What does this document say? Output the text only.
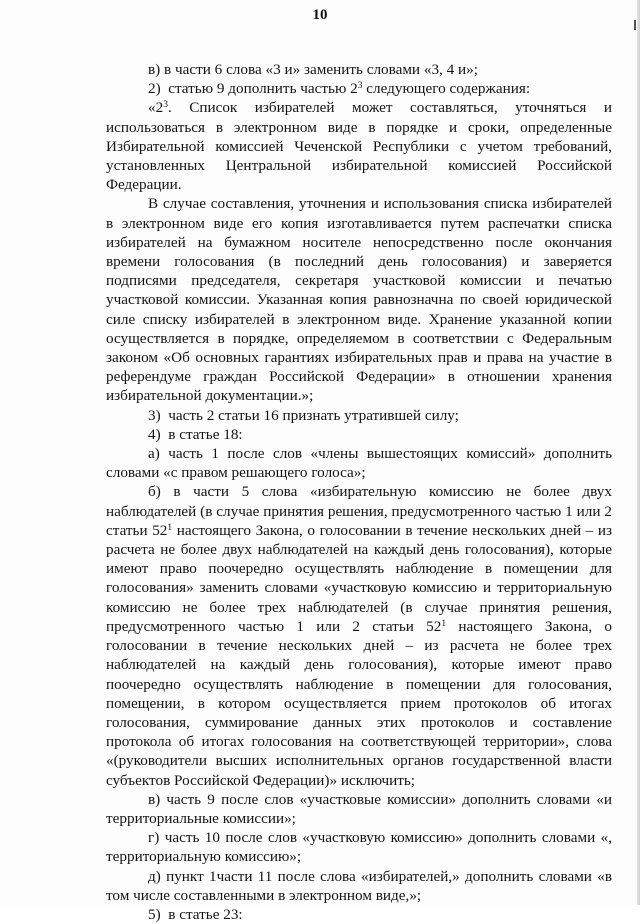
10

в) в части 6 слова «3 и» заменить словами «3, 4 и»;

2)  статью 9 дополнить частью $2^3$ следующего содержания:

«$2^3$. Список избирателей может составляться, уточняться и использоваться в электронном виде в порядке и сроки, определенные Избирательной комиссией Чеченской Республики с учетом требований, установленных Центральной избирательной комиссией Российской Федерации.

В случае составления, уточнения и использования списка избирателей в электронном виде его копия изготавливается путем распечатки списка избирателей на бумажном носителе непосредственно после окончания времени голосования (в последний день голосования) и заверяется подписями председателя, секретаря участковой комиссии и печатью участковой комиссии. Указанная копия равнозначна по своей юридической силе списку избирателей в электронном виде. Хранение указанной копии осуществляется в порядке, определяемом в соответствии с Федеральным законом «Об основных гарантиях избирательных прав и права на участие в референдуме граждан Российской Федерации» в отношении хранения избирательной документации.»;

3)  часть 2 статьи 16 признать утратившей силу;

4)  в статье 18:

а) часть 1 после слов «члены вышестоящих комиссий» дополнить словами «с правом решающего голоса»;

б) в части 5 слова «избирательную комиссию не более двух наблюдателей (в случае принятия решения, предусмотренного частью 1 или 2 статьи $52^1$ настоящего Закона, о голосовании в течение нескольких дней – из расчета не более двух наблюдателей на каждый день голосования), которые имеют право поочередно осуществлять наблюдение в помещении для голосования» заменить словами «участковую комиссию и территориальную комиссию не более трех наблюдателей (в случае принятия решения, предусмотренного частью 1 или 2 статьи $52^1$ настоящего Закона, о голосовании в течение нескольких дней – из расчета не более трех наблюдателей на каждый день голосования), которые имеют право поочередно осуществлять наблюдение в помещении для голосования, помещении, в котором осуществляется прием протоколов об итогах голосования, суммирование данных этих протоколов и составление протокола об итогах голосования на соответствующей территории», слова «(руководители высших исполнительных органов государственной власти субъектов Российской Федерации)» исключить;

в) часть 9 после слов «участковые комиссии» дополнить словами «и территориальные комиссии»;

г) часть 10 после слов «участковую комиссию» дополнить словами «, территориальную комиссию»;

д) пункт 1части 11 после слова «избирателей,» дополнить словами «в том числе составленными в электронном виде,»;

5)  в статье 23:
